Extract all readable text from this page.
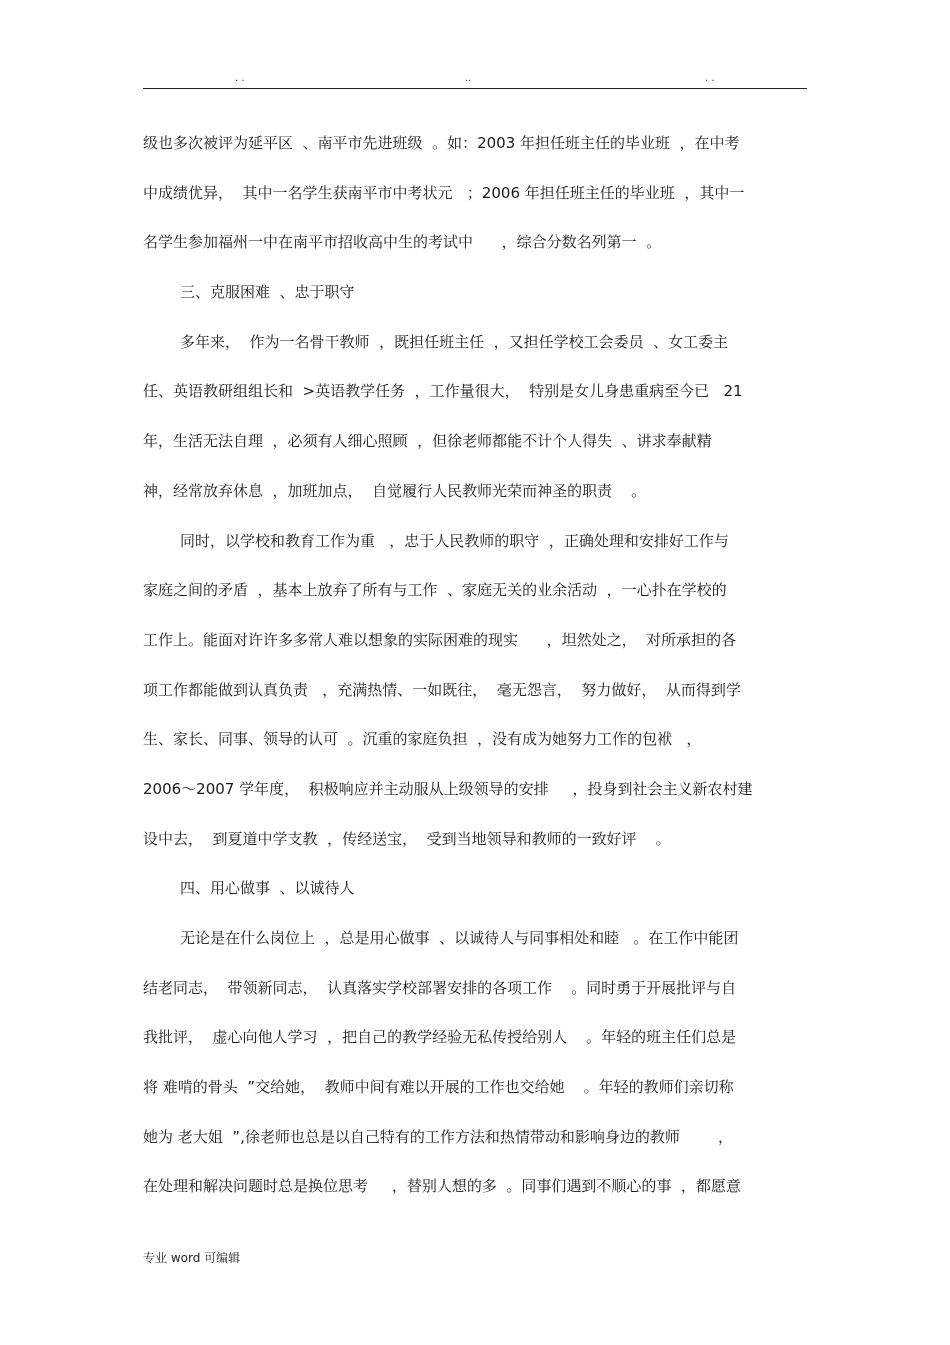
. .	..	. .
级也多次被评为延平区  、南平市先进班级  。如：2003 年担任班主任的毕业班  ，在中考
中成绩优异，  其中一名学生获南平市中考状元   ；2006 年担任班主任的毕业班  ，其中一
名学生参加福州一中在南平市招收高中生的考试中      ，综合分数名列第一  。
三、克服困难  、忠于职守
多年来，  作为一名骨干教师  ，既担任班主任  ，又担任学校工会委员  、女工委主
任、英语教研组组长和  >英语教学任务  ，工作量很大，  特别是女儿身患重病至今已   21
年，生活无法自理  ，必须有人细心照顾  ，但徐老师都能不计个人得失  、讲求奉献精
神，经常放弃休息  ，加班加点，  自觉履行人民教师光荣而神圣的职责    。
同时，以学校和教育工作为重   ，忠于人民教师的职守  ，正确处理和安排好工作与
家庭之间的矛盾  ，基本上放弃了所有与工作  、家庭无关的业余活动  ，一心扑在学校的
工作上。能面对许许多多常人难以想象的实际困难的现实      ，坦然处之，  对所承担的各
项工作都能做到认真负责   ，充满热情、一如既往，  毫无怨言，  努力做好，  从而得到学
生、家长、同事、领导的认可  。沉重的家庭负担  ，没有成为她努力工作的包袱   ，
2006～2007 学年度，  积极响应并主动服从上级领导的安排     ，投身到社会主义新农村建
设中去，  到夏道中学支教  ，传经送宝，  受到当地领导和教师的一致好评    。
四、用心做事  、以诚待人
无论是在什么岗位上  ，总是用心做事  、以诚待人与同事相处和睦   。在工作中能团
结老同志，  带领新同志，  认真落实学校部署安排的各项工作    。同时勇于开展批评与自
我批评，  虚心向他人学习  ，把自己的教学经验无私传授给别人    。年轻的班主任们总是
将 难啃的骨头  ”交给她，  教师中间有难以开展的工作也交给她    。年轻的教师们亲切称
她为 老大姐  ”,徐老师也总是以自己特有的工作方法和热情带动和影响身边的教师        ，
在处理和解决问题时总是换位思考     ，替别人想的多  。同事们遇到不顺心的事  ，都愿意
专业 word 可编辑
